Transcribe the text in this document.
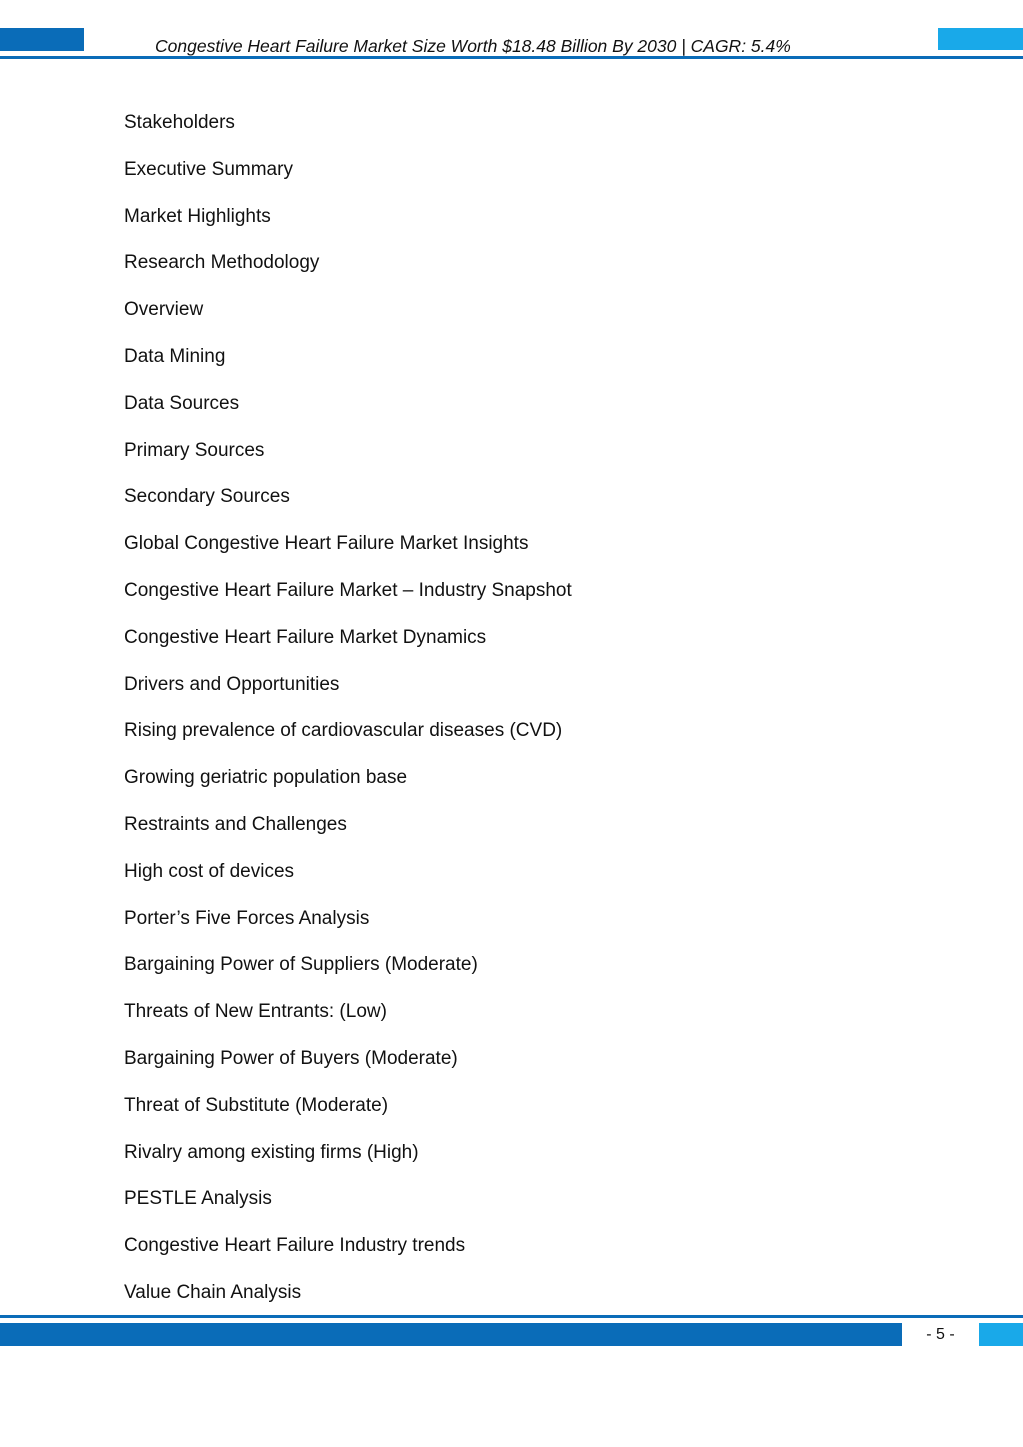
Congestive Heart Failure Market Size Worth $18.48 Billion By 2030 | CAGR: 5.4%
Stakeholders
Executive Summary
Market Highlights
Research Methodology
Overview
Data Mining
Data Sources
Primary Sources
Secondary Sources
Global Congestive Heart Failure Market Insights
Congestive Heart Failure Market – Industry Snapshot
Congestive Heart Failure Market Dynamics
Drivers and Opportunities
Rising prevalence of cardiovascular diseases (CVD)
Growing geriatric population base
Restraints and Challenges
High cost of devices
Porter’s Five Forces Analysis
Bargaining Power of Suppliers (Moderate)
Threats of New Entrants: (Low)
Bargaining Power of Buyers (Moderate)
Threat of Substitute (Moderate)
Rivalry among existing firms (High)
PESTLE Analysis
Congestive Heart Failure Industry trends
Value Chain Analysis
- 5 -
